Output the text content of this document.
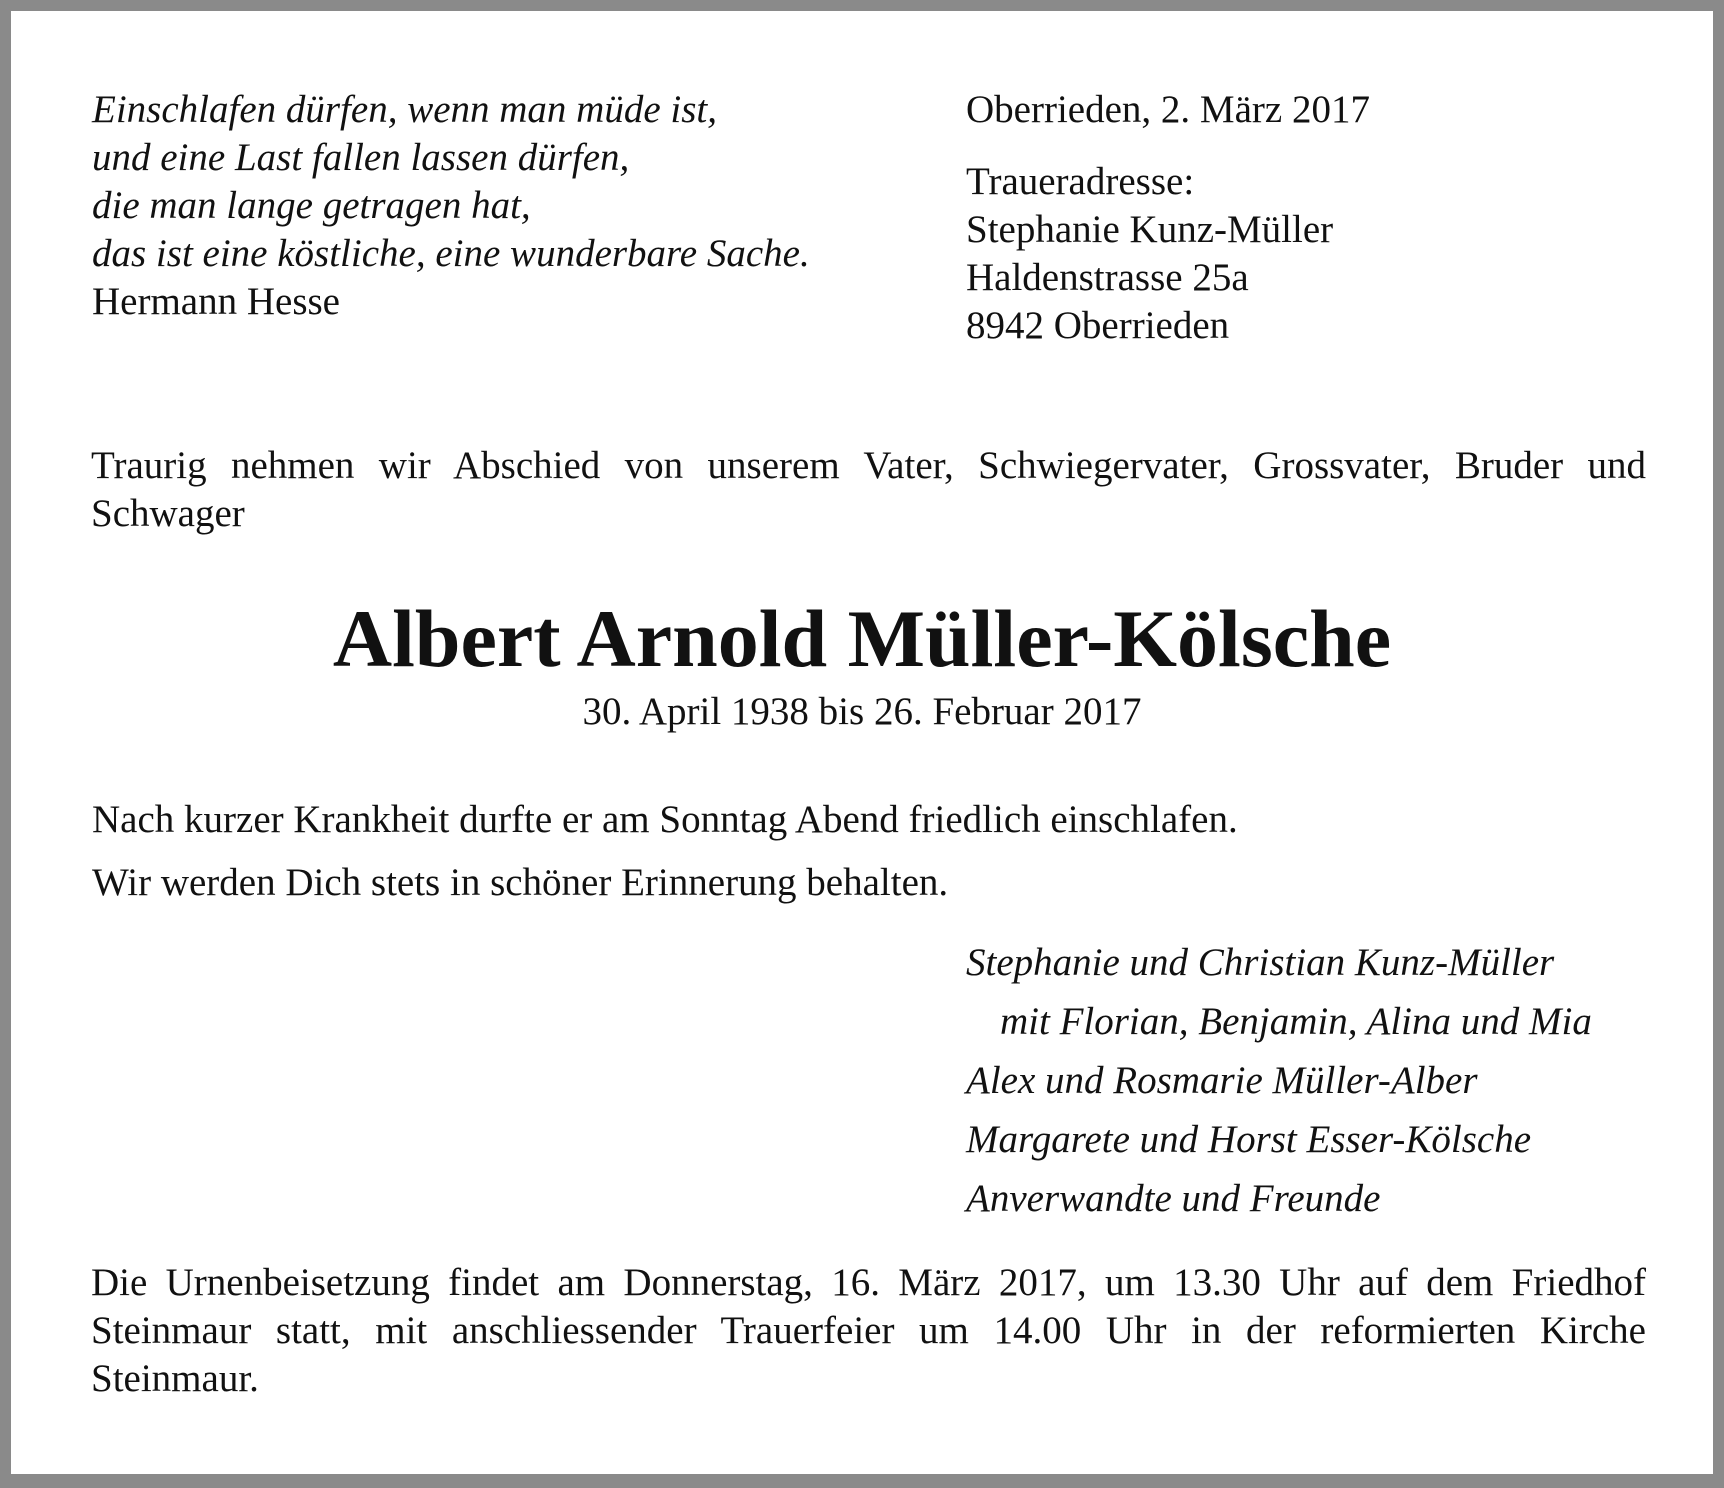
Einschlafen dürfen, wenn man müde ist,
und eine Last fallen lassen dürfen,
die man lange getragen hat,
das ist eine köstliche, eine wunderbare Sache.
Hermann Hesse
Oberrieden, 2. März 2017
Traueradresse:
Stephanie Kunz-Müller
Haldenstrasse 25a
8942 Oberrieden
Traurig nehmen wir Abschied von unserem Vater, Schwiegervater, Grossvater, Bruder und Schwager
Albert Arnold Müller-Kölsche
30. April 1938 bis 26. Februar 2017
Nach kurzer Krankheit durfte er am Sonntag Abend friedlich einschlafen.
Wir werden Dich stets in schöner Erinnerung behalten.
Stephanie und Christian Kunz-Müller
mit Florian, Benjamin, Alina und Mia
Alex und Rosmarie Müller-Alber
Margarete und Horst Esser-Kölsche
Anverwandte und Freunde
Die Urnenbeisetzung findet am Donnerstag, 16. März 2017, um 13.30 Uhr auf dem Friedhof Steinmaur statt, mit anschliessender Trauerfeier um 14.00 Uhr in der reformierten Kirche Steinmaur.
